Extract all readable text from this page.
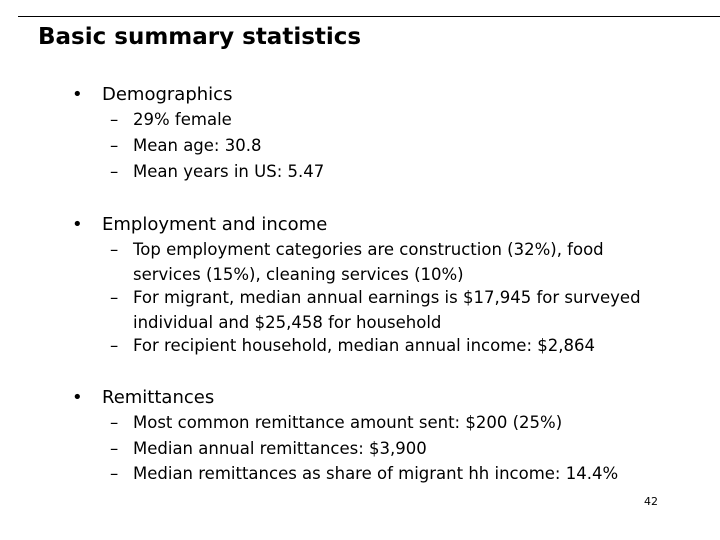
Basic summary statistics
• Demographics
– 29% female
– Mean age: 30.8
– Mean years in US: 5.47
• Employment and income
– Top employment categories are construction (32%), food services (15%), cleaning services (10%)
– For migrant, median annual earnings is $17,945 for surveyed individual and $25,458 for household
– For recipient household, median annual income: $2,864
• Remittances
– Most common remittance amount sent: $200 (25%)
– Median annual remittances: $3,900
– Median remittances as share of migrant hh income: 14.4%
42
